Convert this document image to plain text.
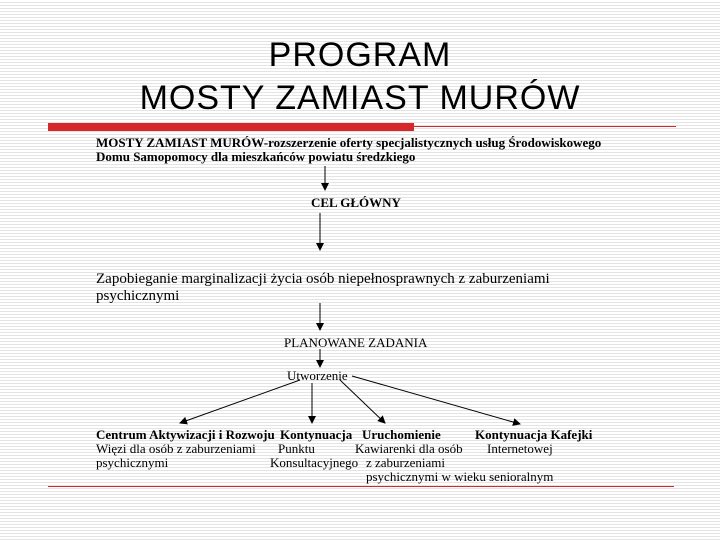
PROGRAM
MOSTY ZAMIAST MURÓW
MOSTY ZAMIAST MURÓW-rozszerzenie oferty specjalistycznych usług Środowiskowego
Domu Samopomocy dla mieszkańców powiatu średzkiego
CEL GŁÓWNY
Zapobieganie marginalizacji życia osób niepełnosprawnych z zaburzeniami
psychicznymi
PLANOWANE ZADANIA
Utworzenie
Centrum Aktywizacji i Rozwoju
Więzi dla osób z zaburzeniami
psychicznymi
Kontynuacja
Punktu
Konsultacyjnego
Uruchomienie
Kawiarenki dla osób
z zaburzeniami
psychicznymi w wieku senioralnym
Kontynuacja Kafejki
Internetowej
